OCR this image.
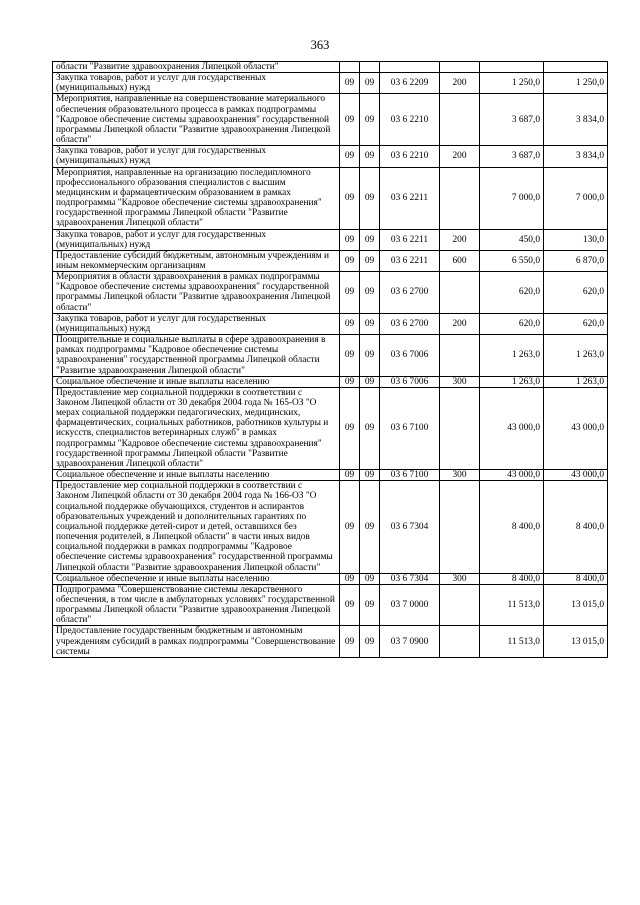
363
области "Развитие здравоохранения Липецкой области"						
Закупка товаров, работ и услуг для государственных (муниципальных) нужд	09	09	03 6 2209	200	1 250,0	1 250,0
Мероприятия, направленные на совершенствование материального обеспечения образовательного процесса в рамках подпрограммы "Кадровое обеспечение системы здравоохранения" государственной программы Липецкой области "Развитие здравоохранения Липецкой области"	09	09	03 6 2210		3 687,0	3 834,0
Закупка товаров, работ и услуг для государственных (муниципальных) нужд	09	09	03 6 2210	200	3 687,0	3 834,0
Мероприятия, направленные на организацию последипломного профессионального образования специалистов с высшим медицинским и фармацевтическим образованием в рамках подпрограммы "Кадровое обеспечение системы здравоохранения" государственной программы Липецкой области "Развитие здравоохранения Липецкой области"	09	09	03 6 2211		7 000,0	7 000,0
Закупка товаров, работ и услуг для государственных (муниципальных) нужд	09	09	03 6 2211	200	450,0	130,0
Предоставление субсидий бюджетным, автономным учреждениям и иным некоммерческим организациям	09	09	03 6 2211	600	6 550,0	6 870,0
Мероприятия в области здравоохранения в рамках подпрограммы "Кадровое обеспечение системы здравоохранения" государственной программы Липецкой области "Развитие здравоохранения Липецкой области"	09	09	03 6 2700		620,0	620,0
Закупка товаров, работ и услуг для государственных (муниципальных) нужд	09	09	03 6 2700	200	620,0	620,0
Поощрительные и социальные выплаты в сфере здравоохранения в рамках подпрограммы "Кадровое обеспечение системы здравоохранения" государственной программы Липецкой области "Развитие здравоохранения Липецкой области"	09	09	03 6 7006		1 263,0	1 263,0
Социальное обеспечение и иные выплаты населению	09	09	03 6 7006	300	1 263,0	1 263,0
Предоставление мер социальной поддержки в соответствии с Законом Липецкой области от 30 декабря 2004 года № 165-ОЗ "О мерах социальной поддержки педагогических, медицинских, фармацевтических, социальных работников, работников культуры и искусств, специалистов ветеринарных служб" в рамках подпрограммы "Кадровое обеспечение системы здравоохранения" государственной программы Липецкой области "Развитие здравоохранения Липецкой области"	09	09	03 6 7100		43 000,0	43 000,0
Социальное обеспечение и иные выплаты населению	09	09	03 6 7100	300	43 000,0	43 000,0
Предоставление мер социальной поддержки в соответствии с Законом Липецкой области от 30 декабря 2004 года № 166-ОЗ "О социальной поддержке обучающихся, студентов и аспирантов образовательных учреждений и дополнительных гарантиях по социальной поддержке детей-сирот и детей, оставшихся без попечения родителей, в Липецкой области" в части иных видов социальной поддержки в рамках подпрограммы "Кадровое обеспечение системы здравоохранения" государственной программы Липецкой области "Развитие здравоохранения Липецкой области"	09	09	03 6 7304		8 400,0	8 400,0
Социальное обеспечение и иные выплаты населению	09	09	03 6 7304	300	8 400,0	8 400,0
Подпрограмма "Совершенствование системы лекарственного обеспечения, в том числе в амбулаторных условиях" государственной программы Липецкой области "Развитие здравоохранения Липецкой области"	09	09	03 7 0000		11 513,0	13 015,0
Предоставление государственным бюджетным и автономным учреждениям субсидий в рамках подпрограммы "Совершенствование системы	09	09	03 7 0900		11 513,0	13 015,0
